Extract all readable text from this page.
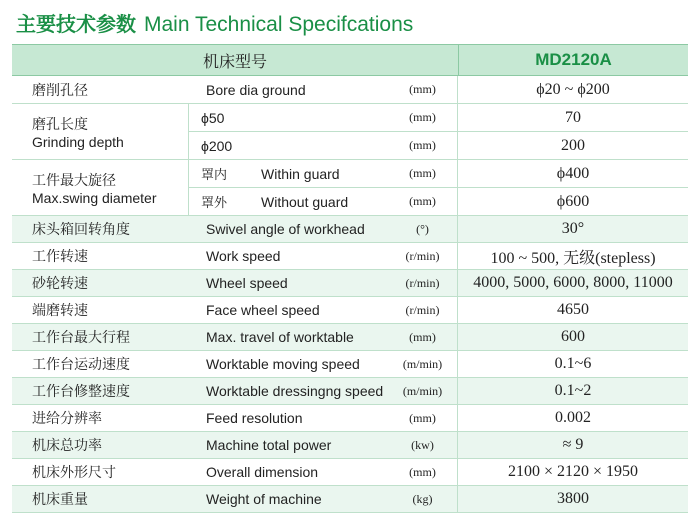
主要技术参数 Main Technical Specifcations
机床型号	MD2120A
磨削孔径	Bore dia ground	(mm)	ϕ20 ~ ϕ200
磨孔长度
Grinding depth
ϕ50	(mm)	70
ϕ200	(mm)	200
工件最大旋径
Max.swing diameter
罩内	Within guard	(mm)	ϕ400
罩外	Without guard	(mm)	ϕ600
床头箱回转角度	Swivel angle of workhead	(°)	30°
工作转速	Work speed	(r/min)	100 ~ 500, 无级(stepless)
砂轮转速	Wheel speed	(r/min)	4000, 5000, 6000, 8000, 11000
端磨转速	Face wheel speed	(r/min)	4650
工作台最大行程	Max. travel of worktable	(mm)	600
工作台运动速度	Worktable moving speed	(m/min)	0.1~6
工作台修整速度	Worktable dressingng speed	(m/min)	0.1~2
进给分辨率	Feed resolution	(mm)	0.002
机床总功率	Machine total power	(kw)	≈ 9
机床外形尺寸	Overall dimension	(mm)	2100 × 2120 × 1950
机床重量	Weight of machine	(kg)	3800
